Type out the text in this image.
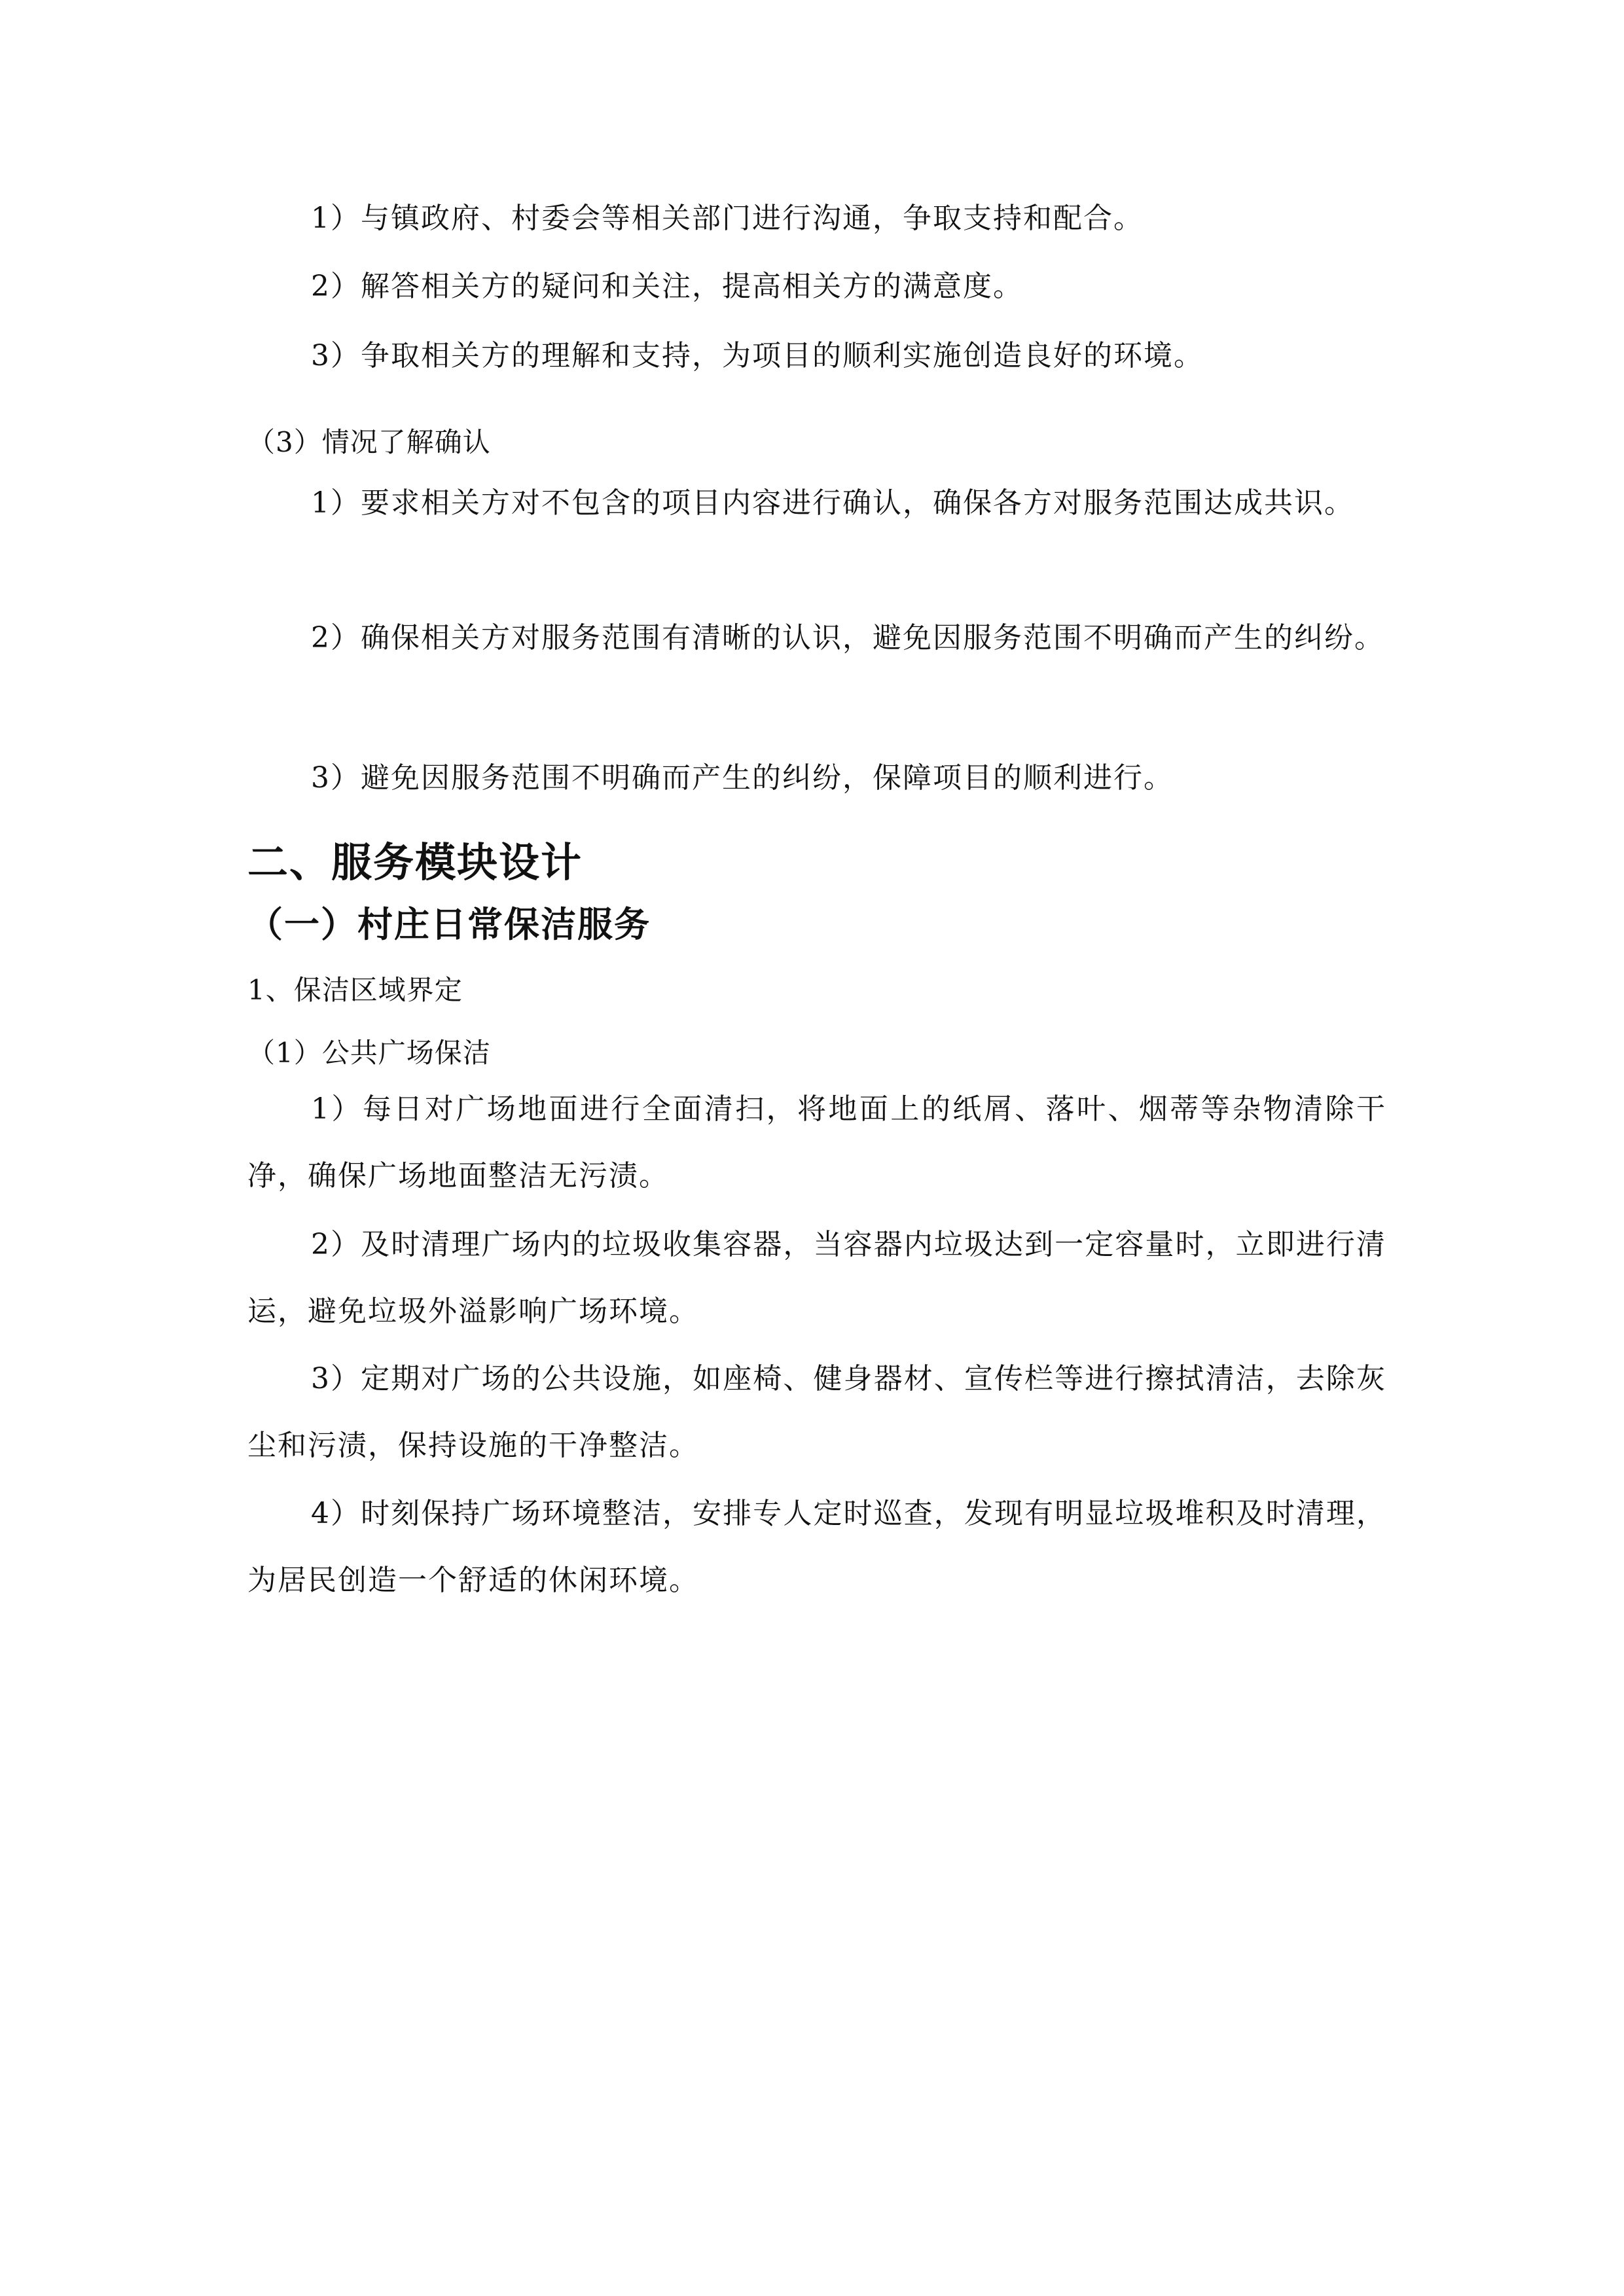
1）与镇政府、村委会等相关部门进行沟通，争取支持和配合。

2）解答相关方的疑问和关注，提高相关方的满意度。

3）争取相关方的理解和支持，为项目的顺利实施创造良好的环境。

（3）情况了解确认

1）要求相关方对不包含的项目内容进行确认，确保各方对服务范围达成共识。

2）确保相关方对服务范围有清晰的认识，避免因服务范围不明确而产生的纠纷。

3）避免因服务范围不明确而产生的纠纷，保障项目的顺利进行。

二、服务模块设计
（一）村庄日常保洁服务

1、保洁区域界定

（1）公共广场保洁

1）每日对广场地面进行全面清扫，将地面上的纸屑、落叶、烟蒂等杂物清除干净，确保广场地面整洁无污渍。

2）及时清理广场内的垃圾收集容器，当容器内垃圾达到一定容量时，立即进行清运，避免垃圾外溢影响广场环境。

3）定期对广场的公共设施，如座椅、健身器材、宣传栏等进行擦拭清洁，去除灰尘和污渍，保持设施的干净整洁。

4）时刻保持广场环境整洁，安排专人定时巡查，发现有明显垃圾堆积及时清理，为居民创造一个舒适的休闲环境。
